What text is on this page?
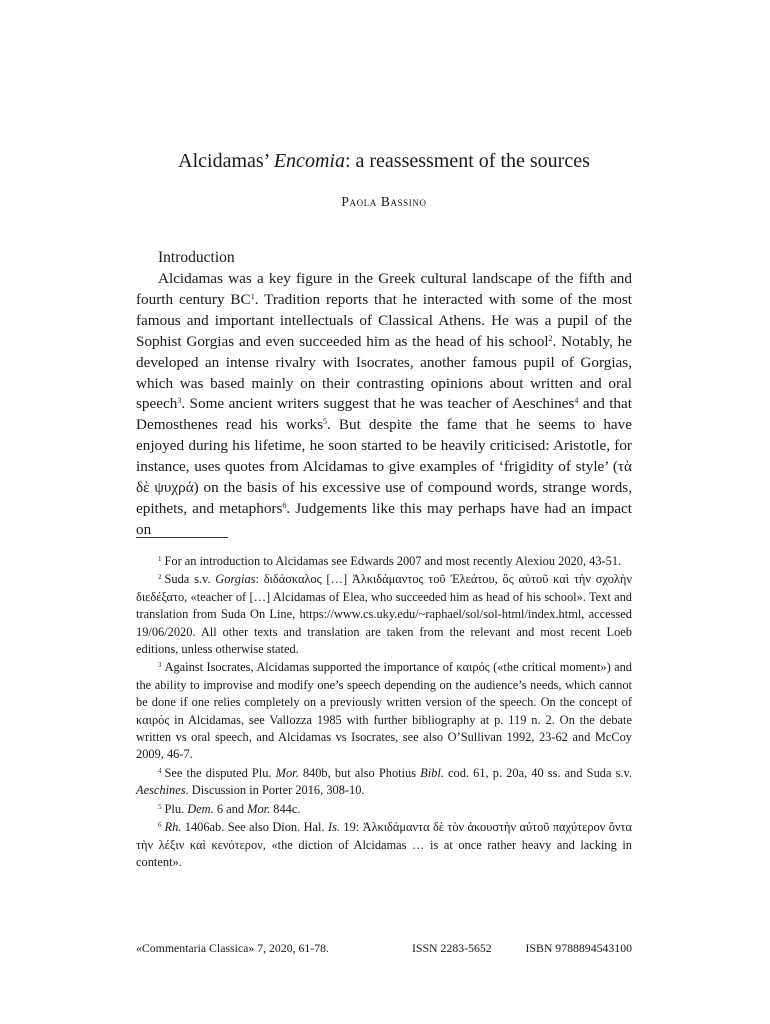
Alcidamas’ Encomia: a reassessment of the sources
Paola Bassino
Introduction

Alcidamas was a key figure in the Greek cultural landscape of the fifth and fourth century $BC^1$. Tradition reports that he interacted with some of the most famous and important intellectuals of Classical Athens. He was a pupil of the Sophist Gorgias and even succeeded him as the head of his school$^2$. Notably, he developed an intense rivalry with Isocrates, another famous pupil of Gorgias, which was based mainly on their contrasting opinions about written and oral speech$^3$. Some ancient writers suggest that he was teacher of Aeschines$^4$ and that Demosthenes read his works$^5$. But despite the fame that he seems to have enjoyed during his lifetime, he soon started to be heavily criticised: Aristotle, for instance, uses quotes from Alcidamas to give examples of ‘frigidity of style’ (τὰ δὲ ψυχρά) on the basis of his excessive use of compound words, strange words, epithets, and metaphors$^6$. Judgements like this may perhaps have had an impact on

$^1$ For an introduction to Alcidamas see Edwards 2007 and most recently Alexiou 2020, 43-51.

$^2$ Suda s.v. Gorgias: διδάσκαλος […] Ἀλκιδάμαντος τοῦ Ἐλεάτου, ὃς αὐτοῦ καὶ τὴν σχολὴν διεδέξατο, «teacher of […] Alcidamas of Elea, who succeeded him as head of his school». Text and translation from Suda On Line, https://www.cs.uky.edu/~raphael/sol/sol-html/index.html, accessed 19/06/2020. All other texts and translation are taken from the relevant and most recent Loeb editions, unless otherwise stated.

$^3$ Against Isocrates, Alcidamas supported the importance of καιρός («the critical moment») and the ability to improvise and modify one’s speech depending on the audience’s needs, which cannot be done if one relies completely on a previously written version of the speech. On the concept of καιρός in Alcidamas, see Vallozza 1985 with further bibliography at p. 119 n. 2. On the debate written vs oral speech, and Alcidamas vs Isocrates, see also O’Sullivan 1992, 23-62 and McCoy 2009, 46-7.

$^4$ See the disputed Plu. Mor. 840b, but also Photius Bibl. cod. 61, p. 20a, 40 ss. and Suda s.v. Aeschines. Discussion in Porter 2016, 308-10.

$^5$ Plu. Dem. 6 and Mor. 844c.

$^6$ Rh. 1406ab. See also Dion. Hal. Is. 19: Ἀλκιδάμαντα δὲ τὸν ἀκουστὴν αὐτοῦ παχύτερον ὄντα τὴν λέξιν καὶ κενότερον, «the diction of Alcidamas … is at once rather heavy and lacking in content».

«Commentaria Classica» 7, 2020, 61-78.	ISSN 2283-5652	ISBN 9788894543100
